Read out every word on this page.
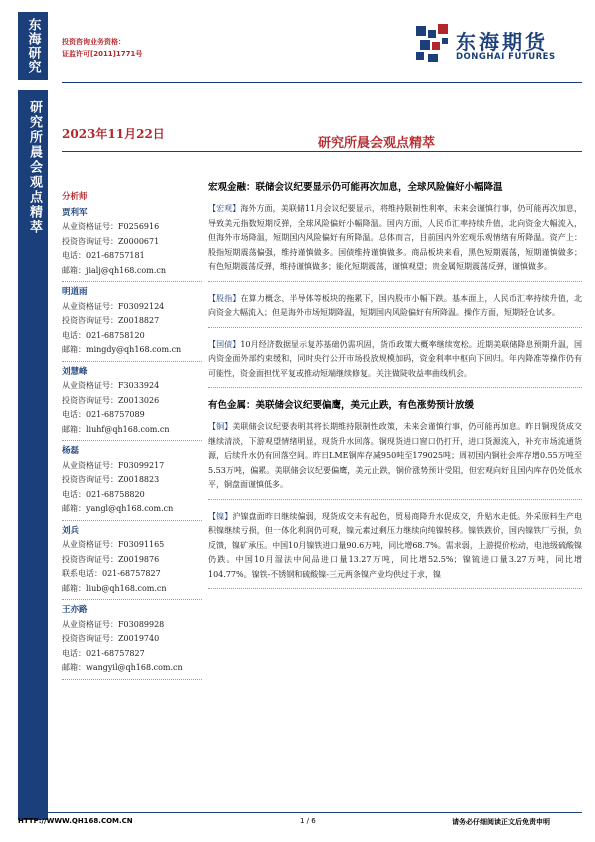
东海研究
研究所晨会观点精萃
投资咨询业务资格：
证监许可[2011]1771号	东海期货
DONGHAI FUTURES
2023年11月22日
研究所晨会观点精萃
分析师
贾利军
从业资格证号：F0256916
投资咨询证号：Z0000671
电话：021-68757181
邮箱：jialj@qh168.com.cn
明道雨
从业资格证号：F03092124
投资咨询证号：Z0018827
电话：021-68758120
邮箱：mingdy@qh168.com.cn
刘慧峰
从业资格证号：F3033924
投资咨询证号：Z0013026
电话：021-68757089
邮箱：liuhf@qh168.com.cn
杨磊
从业资格证号：F03099217
投资咨询证号：Z0018823
电话：021-68758820
邮箱：yangl@qh168.com.cn
刘兵
从业资格证号：F03091165
投资咨询证号：Z0019876
联系电话：021-68757827
邮箱：liub@qh168.com.cn
王亦路
从业资格证号：F03089928
投资咨询证号：Z0019740
电话：021-68757827
邮箱：wangyil@qh168.com.cn
宏观金融：联储会议纪要显示仍可能再次加息，全球风险偏好小幅降温
【宏观】海外方面，美联储11月会议纪要显示，将维持限制性利率，未来会谨慎行事，仍可能再次加息，导致美元指数短期反弹，全球风险偏好小幅降温。国内方面，人民币汇率持续升值，北向资金大幅流入，但海外市场降温，短期国内风险偏好有所降温。总体而言，目前国内外宏观乐观情绪有所降温。资产上：股指短期震荡偏强，维持谨慎做多。国债维持谨慎做多。商品板块来看，黑色短期震荡，短期谨慎做多；有色短期震荡反弹，维持谨慎做多；能化短期震荡，谨慎观望；贵金属短期震荡反弹，谨慎做多。
【股指】在算力概念、半导体等板块的拖累下，国内股市小幅下跌。基本面上，人民币汇率持续升值，北向资金大幅流入；但是海外市场短期降温，短期国内风险偏好有所降温。操作方面，短期轻仓试多。
【国债】10月经济数据显示复苏基础仍需巩固，货币政策大概率继续宽松。近期美联储降息预期升温，国内资金面外部约束缓和，同时央行公开市场投放规模加码，资金利率中枢向下回归。年内降准等操作仍有可能性，资金面担忧平复或推动短端继续修复。关注做陡收益率曲线机会。
有色金属：美联储会议纪要偏鹰，美元止跌，有色涨势预计放缓
【铜】美联储会议纪要表明其将长期维持限制性政策，未来会谨慎行事，仍可能再加息。昨日铜现货成交继续清淡，下游观望情绪明显，现货升水回落。铜现货进口窗口仍打开，进口货源流入，补充市场流通货源，后续升水仍有回落空间。昨日LME铜库存减950吨至179025吨；周初国内铜社会库存增0.55万吨至5.53万吨，偏累。美联储会议纪要偏鹰，美元止跌，铜价涨势预计受阻，但宏观向好且国内库存仍处低水平，铜盘面谨慎低多。
【镍】沪镍盘面昨日继续偏弱，现货成交未有起色，贸易商降升水促成交，升贴水走低。外采原料生产电积镍继续亏损，但一体化利润仍可观，镍元素过剩压力继续向纯镍转移。镍铁跌价，国内镍铁厂亏损，负反馈，镍矿承压。中国10月镍铁进口量90.6万吨，同比增68.7%。需求弱，上游提价松动，电池级硫酸镍仍跌。中国10月湿法中间品进口量13.27万吨，同比增52.5%；镍锍进口量3.27万吨，同比增104.77%。镍铁-不锈钢和硫酸镍-三元两条镍产业均供过于求，镍
HTTP://WWW.QH168.COM.CN	1 / 6	请务必仔细阅读正文后免责申明
